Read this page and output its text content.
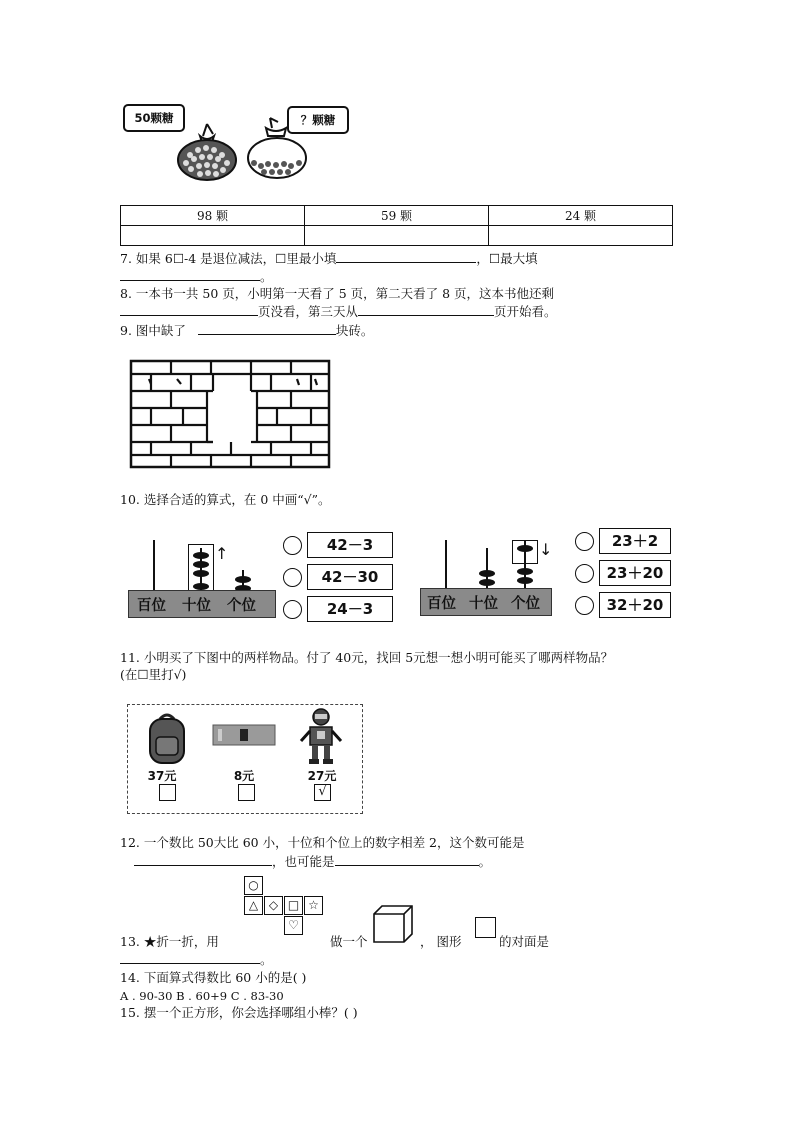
50颗糖	？颗糖
98 颗	59 颗	24 颗

7. 如果 6☐-4 是退位减法，☐里最小填	，☐最大填
。
8. 一本书一共 50 页，小明第一天看了 5 页，第二天看了 8 页，这本书他还剩
页没看，第三天从	页开始看。
9. 图中缺了	块砖。
10. 选择合适的算式，在 0 中画“√”。
↑
百位 十位 个位
42－3
42－30
24－3
↓
百位 十位 个位
23＋2
23＋20
32＋20
11. 小明买了下图中的两样物品。付了 40元，找回 5元想一想小明可能买了哪两样物品？
(在☐里打√)
37元	8元	27元
√
12. 一个数比 50大比 60 小，十位和个位上的数字相差 2，这个数可能是
，也可能是	。
○
△ ◇ □ ☆
♡
13. ★折一折，用	做一个	， 图形	的对面是
。
14. 下面算式得数比 60 小的是( )
A . 90-30 B . 60+9 C . 83-30
15. 摆一个正方形，你会选择哪组小棒？( )
